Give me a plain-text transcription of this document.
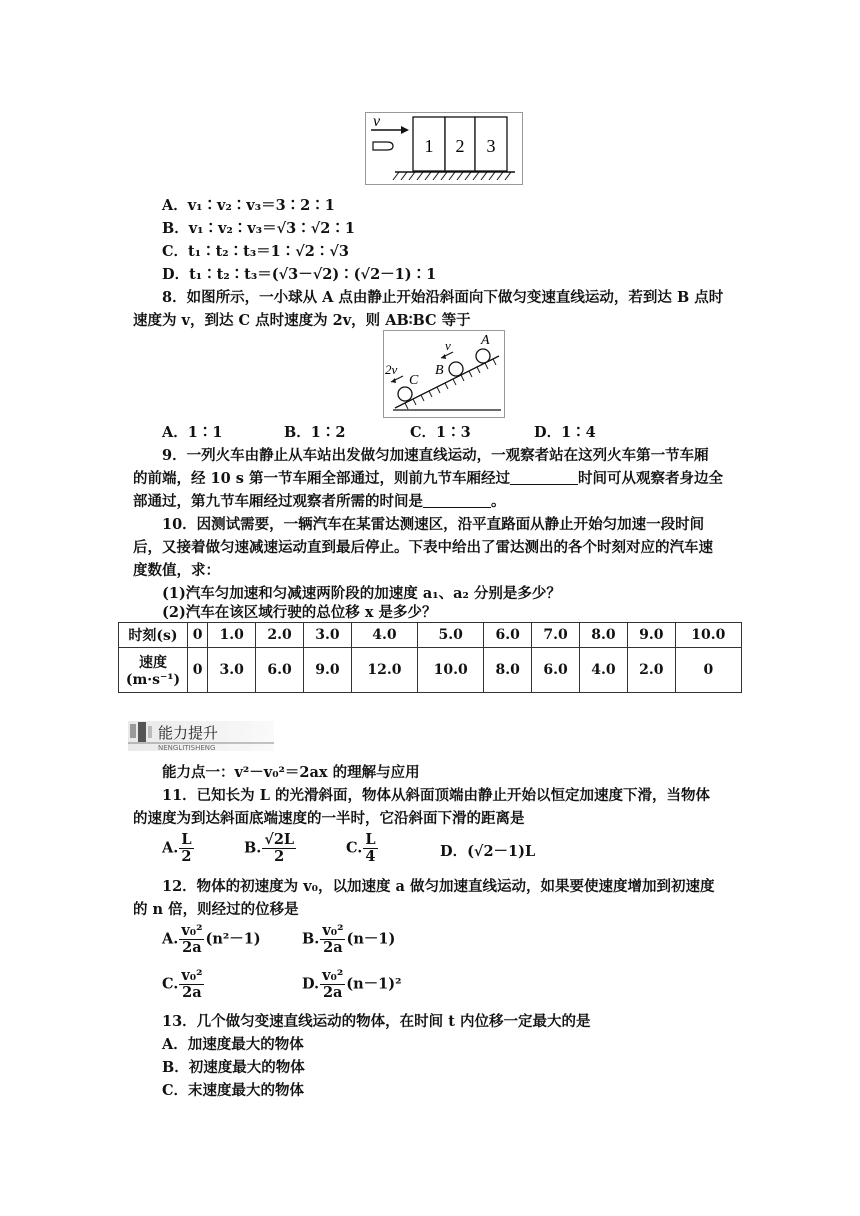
v
1 2 3
A．v₁∶v₂∶v₃＝3∶2∶1
B．v₁∶v₂∶v₃＝√3∶√2∶1
C．t₁∶t₂∶t₃＝1∶√2∶√3
D．t₁∶t₂∶t₃＝(√3－√2)∶(√2－1)∶1
8．如图所示，一小球从 A 点由静止开始沿斜面向下做匀变速直线运动，若到达 B 点时
速度为 v，到达 C 点时速度为 2v，则 AB∶BC 等于
A
B
C
v
2v
A．1∶1	B．1∶2	C．1∶3	D．1∶4
9．一列火车由静止从车站出发做匀加速直线运动，一观察者站在这列火车第一节车厢
的前端，经 10 s 第一节车厢全部通过，则前九节车厢经过	时间可从观察者身边全
部通过，第九节车厢经过观察者所需的时间是	。
10．因测试需要，一辆汽车在某雷达测速区，沿平直路面从静止开始匀加速一段时间
后，又接着做匀速减速运动直到最后停止。下表中给出了雷达测出的各个时刻对应的汽车速
度数值，求：
(1)汽车匀加速和匀减速两阶段的加速度 a₁、a₂ 分别是多少？
(2)汽车在该区域行驶的总位移 x 是多少？
时刻(s)	0	1.0	2.0	3.0	4.0	5.0	6.0	7.0	8.0	9.0	10.0

速度
(m·s⁻¹)	0	3.0	6.0	9.0	12.0	10.0	8.0	6.0	4.0	2.0	0
能力提升
NENGLITISHENG
能力点一：v²－v₀²＝2ax 的理解与应用
11．已知长为 L 的光滑斜面，物体从斜面顶端由静止开始以恒定加速度下滑，当物体
的速度为到达斜面底端速度的一半时，它沿斜面下滑的距离是
A. $\frac{L}{2}$	B. $\frac{√2L}{2}$	C. $\frac{L}{4}$	D．(√2－1)L
12．物体的初速度为 v₀，以加速度 a 做匀加速直线运动，如果要使速度增加到初速度
的 n 倍，则经过的位移是
A. $\frac{\text{v₀²}}{2a} (n^2-1)$	B. $\frac{\text{v₀²}}{2a} (n-1)$
C. $\frac{\text{v₀²}}{2a}$	D. $\frac{\text{v₀²}}{2a} (n-1)^2$
13．几个做匀变速直线运动的物体，在时间 t 内位移一定最大的是
A．加速度最大的物体
B．初速度最大的物体
C．末速度最大的物体
